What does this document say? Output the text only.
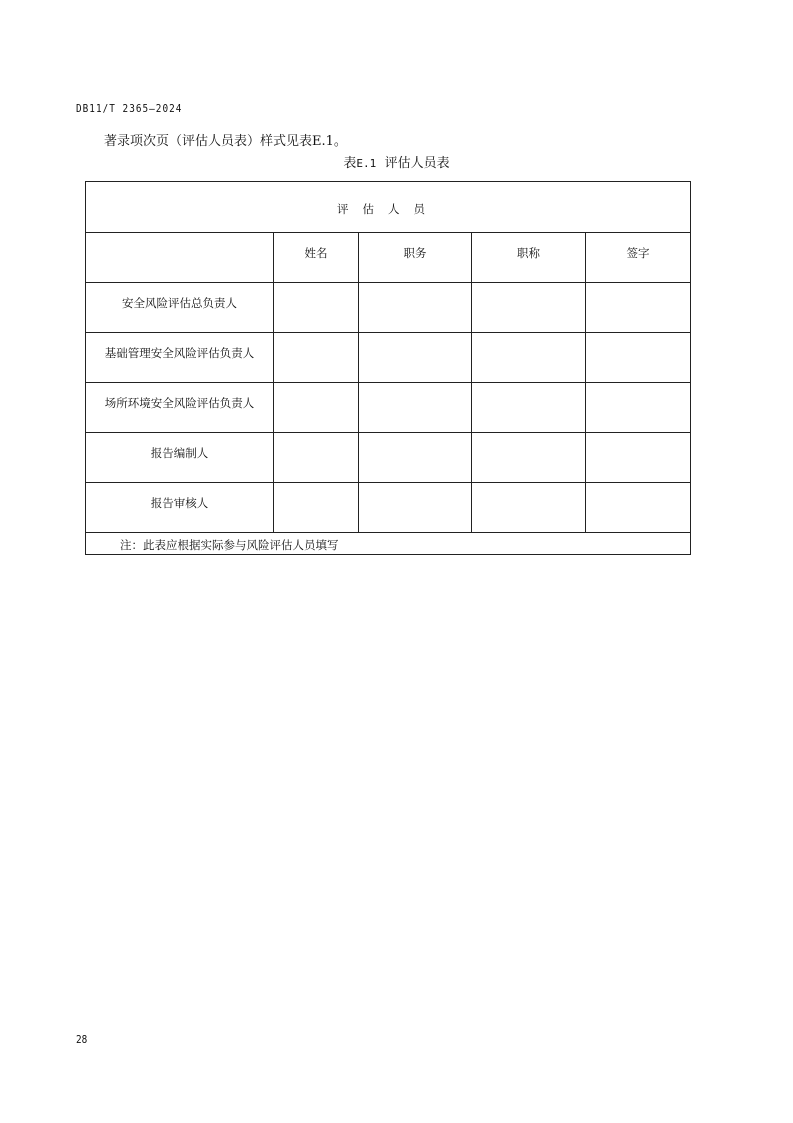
DB11/T 2365—2024
著录项次页（评估人员表）样式见表E.1。
表E.1 评估人员表
评估人员				
	姓名	职务	职称	签字
安全风险评估总负责人				
基础管理安全风险评估负责人				
场所环境安全风险评估负责人				
报告编制人				
报告审核人				
注：此表应根据实际参与风险评估人员填写				
28
